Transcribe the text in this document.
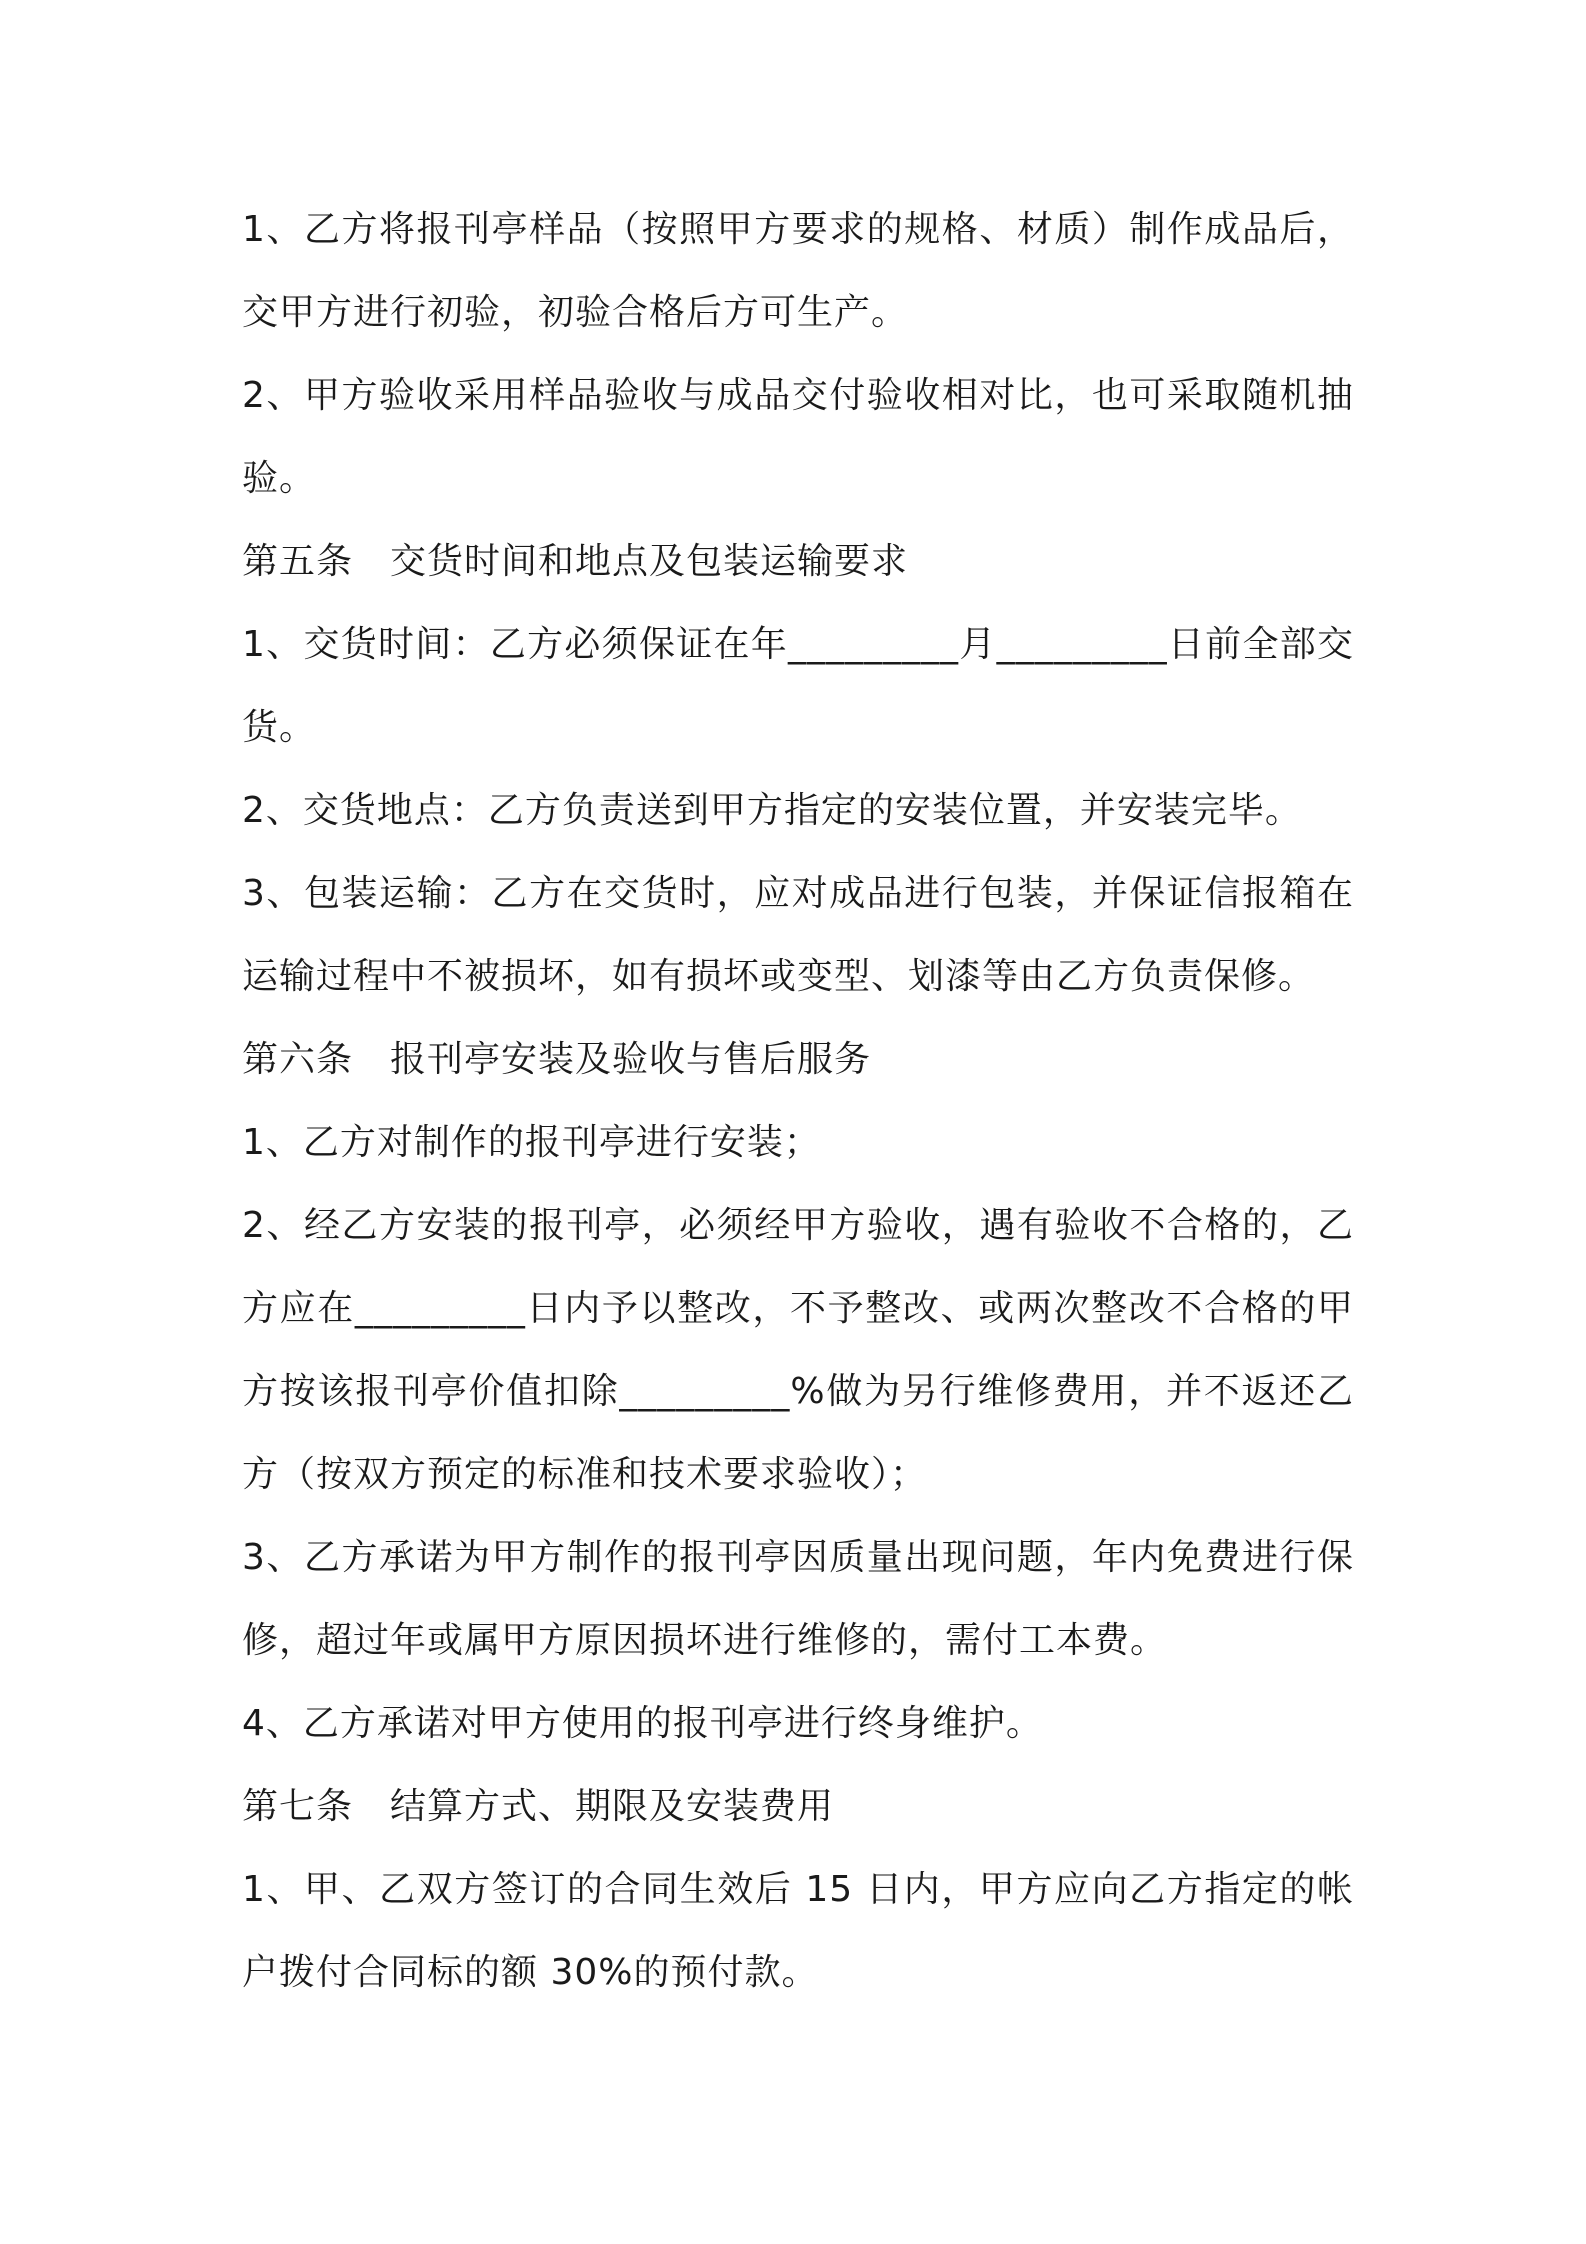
1、乙方将报刊亭样品（按照甲方要求的规格、材质）制作成品后，交甲方进行初验，初验合格后方可生产。

2、甲方验收采用样品验收与成品交付验收相对比，也可采取随机抽验。

第五条　交货时间和地点及包装运输要求

1、交货时间：乙方必须保证在年_________月_________日前全部交货。

2、交货地点：乙方负责送到甲方指定的安装位置，并安装完毕。

3、包装运输：乙方在交货时，应对成品进行包装，并保证信报箱在运输过程中不被损坏，如有损坏或变型、划漆等由乙方负责保修。

第六条　报刊亭安装及验收与售后服务

1、乙方对制作的报刊亭进行安装；

2、经乙方安装的报刊亭，必须经甲方验收，遇有验收不合格的，乙方应在_________日内予以整改，不予整改、或两次整改不合格的甲方按该报刊亭价值扣除_________%做为另行维修费用，并不返还乙方（按双方预定的标准和技术要求验收）；

3、乙方承诺为甲方制作的报刊亭因质量出现问题，年内免费进行保修，超过年或属甲方原因损坏进行维修的，需付工本费。

4、乙方承诺对甲方使用的报刊亭进行终身维护。

第七条　结算方式、期限及安装费用

1、甲、乙双方签订的合同生效后 15 日内，甲方应向乙方指定的帐户拨付合同标的额 30%的预付款。
